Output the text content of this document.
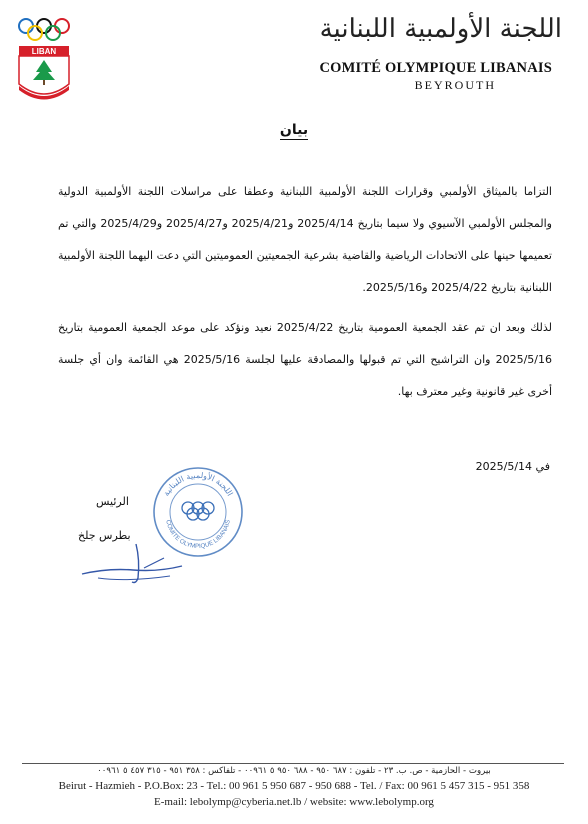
LIBAN
اللجنة الأولمبية اللبنانية
COMITÉ OLYMPIQUE LIBANAIS
BEYROUTH
بيان
التزاما بالميثاق الأولمبي وقرارات اللجنة الأولمبية اللبنانية وعطفا على مراسلات اللجنة الأولمبية الدولية والمجلس الأولمبي الآسيوي ولا سيما بتاريخ 2025/4/14 و2025/4/21 و2025/4/27 و2025/4/29 والتي تم تعميمها حينها على الاتحادات الرياضية والقاضية بشرعية الجمعيتين العموميتين التي دعت اليهما اللجنة الأولمبية اللبنانية بتاريخ 2025/4/22 و2025/5/16.
لذلك وبعد ان تم عقد الجمعية العمومية بتاريخ 2025/4/22 نعيد ونؤكد على موعد الجمعية العمومية بتاريخ 2025/5/16 وان التراشيح التي تم قبولها والمصادقة عليها لجلسة 2025/5/16 هي القائمة وان أي جلسة أخرى غير قانونية وغير معترف بها.
في 2025/5/14
الرئيس
بطرس جلخ
اللجنة الأولمبية اللبنانية
COMITE OLYMPIQUE LIBANAIS
بيروت - الحازمية - ص. ب. ٢٣ - تلفون : ٦٨٧ ٩٥٠ - ٦٨٨ ٩٥٠ ٥ ٠٠٩٦١ - تلفاكس : ٣٥٨ ٩٥١ - ٣١٥ ٤٥٧ ٥ ٠٠٩٦١
Beirut - Hazmieh - P.O.Box: 23 - Tel.: 00 961 5 950 687 - 950 688 - Tel. / Fax: 00 961 5 457 315 - 951 358
E-mail: lebolymp@cyberia.net.lb / website: www.lebolymp.org
